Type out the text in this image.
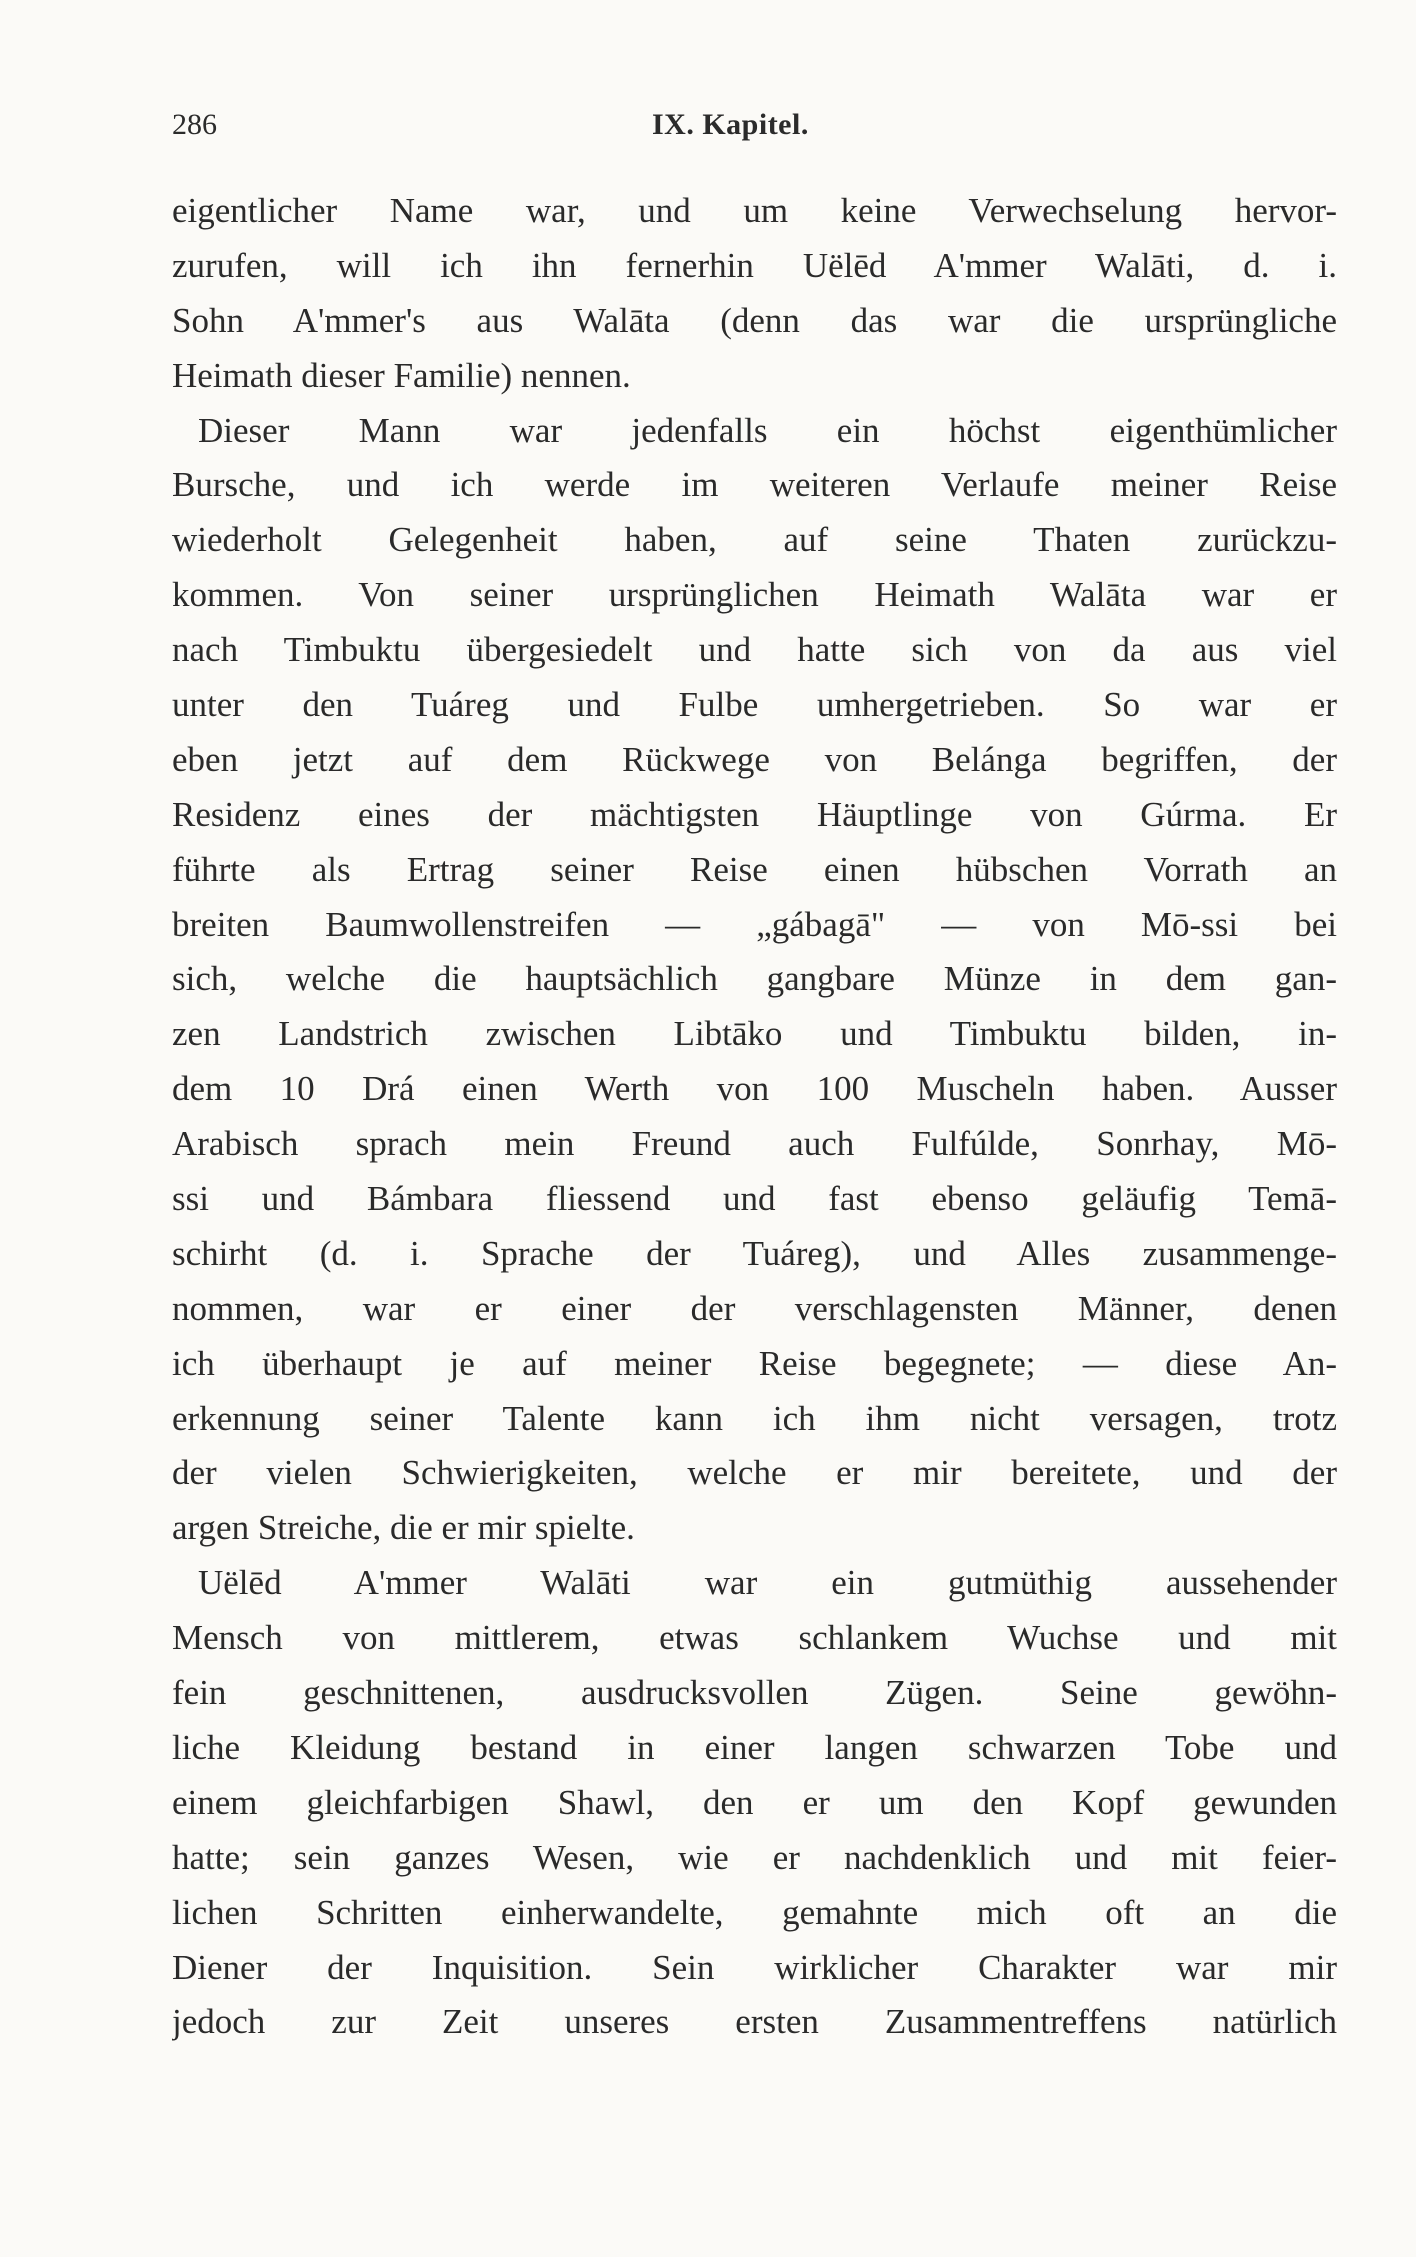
286	IX. Kapitel.
eigentlicher Name war, und um keine Verwechselung hervor-
zurufen, will ich ihn fernerhin Uëlēd A'mmer Walāti, d. i.
Sohn A'mmer's aus Walāta (denn das war die ursprüngliche
Heimath dieser Familie) nennen.
Dieser Mann war jedenfalls ein höchst eigenthümlicher
Bursche, und ich werde im weiteren Verlaufe meiner Reise
wiederholt Gelegenheit haben, auf seine Thaten zurückzu-
kommen. Von seiner ursprünglichen Heimath Walāta war er
nach Timbuktu übergesiedelt und hatte sich von da aus viel
unter den Tuáreg und Fulbe umhergetrieben. So war er
eben jetzt auf dem Rückwege von Belánga begriffen, der
Residenz eines der mächtigsten Häuptlinge von Gúrma. Er
führte als Ertrag seiner Reise einen hübschen Vorrath an
breiten Baumwollenstreifen — „gábagā" — von Mō-ssi bei
sich, welche die hauptsächlich gangbare Münze in dem gan-
zen Landstrich zwischen Libtāko und Timbuktu bilden, in-
dem 10 Drá einen Werth von 100 Muscheln haben. Ausser
Arabisch sprach mein Freund auch Fulfúlde, Sonrhay, Mō-
ssi und Bámbara fliessend und fast ebenso geläufig Temā-
schirht (d. i. Sprache der Tuáreg), und Alles zusammenge-
nommen, war er einer der verschlagensten Männer, denen
ich überhaupt je auf meiner Reise begegnete; — diese An-
erkennung seiner Talente kann ich ihm nicht versagen, trotz
der vielen Schwierigkeiten, welche er mir bereitete, und der
argen Streiche, die er mir spielte.
Uëlēd A'mmer Walāti war ein gutmüthig aussehender
Mensch von mittlerem, etwas schlankem Wuchse und mit
fein geschnittenen, ausdrucksvollen Zügen. Seine gewöhn-
liche Kleidung bestand in einer langen schwarzen Tobe und
einem gleichfarbigen Shawl, den er um den Kopf gewunden
hatte; sein ganzes Wesen, wie er nachdenklich und mit feier-
lichen Schritten einherwandelte, gemahnte mich oft an die
Diener der Inquisition. Sein wirklicher Charakter war mir
jedoch zur Zeit unseres ersten Zusammentreffens natürlich
